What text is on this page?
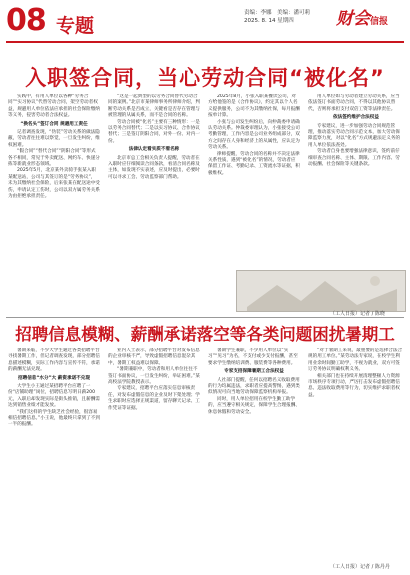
08 专题
责编：李娜　美编：潘可莉
2025. 8. 14 星期四	财会信报
入职签合同，当心劳动合同“被化名”

实践中，有用人单位以各种“劳务合同”“实习协议”代替劳动合同，架空劳动者权益，规避用人单位依法应承担的社会保险缴纳等义务，侵害劳动者合法权益。

“换名头”签订合同 规避用工责任

记者调查发现，“伪装”劳动关系的做法隐蔽，劳动者往往难以察觉，一旦发生纠纷，维权困难。

“假合同”“替代合同”“阴阳合同”等形式各不相同，常见于外卖配送、网约车、快递分拣等新就业形态领域。

2025年5月，北京某外卖骑手张某入职某配送站，公司与其签订的是“劳务协议”，未为其缴纳社会保险，后来张某在配送途中受伤，申请认定工伤时，公司以双方属劳务关系为由拒绝承担责任。

“这是一起典型的以劳务合同替代劳动合同的案例。”北京市某律师事务所律师介绍，判断劳动关系是否成立，关键看是否存在管理与被管理的从属关系，而不是合同的名称。

劳动合同被“化名”主要有三种情形：一是以劳务合同替代；二是以实习协议、合作协议替代；三是签订阴阳合同，对外一份、对内一份。

法律认定看实质不看名称

北京市总工会相关负责人提醒，劳动者在入职时应仔细阅读合同条款，看清合同名称及主体，如发现不实表述，应及时提出，必要时可以寻求工会、劳动监察部门帮助。

2025年8月，小张入职某餐饮公司，对方给他签的是《合作协议》，约定其以个人名义提供服务，公司不为其缴纳社保，每月报酬按单计算。

小张与公司发生纠纷后，向仲裁委申请确认劳动关系。仲裁委审理认为，小张接受公司考勤管理，工作内容是公司业务组成部分，双方之间存在人身和经济上的从属性，应认定为劳动关系。

律师提醒，劳动合同的名称并不决定法律关系性质，遇到“被化名”的情况，劳动者应保留工作证、考勤记录、工资流水等证据，积极维权。

用人单位如与劳动者建立劳动关系，应当依法签订书面劳动合同，不得以其他协议替代，否则将承担支付双倍工资等法律责任。

依法签约维护合法权益

专家建议，进一步加强劳动合同规范管理，推动落实劳动合同示范文本，加大劳动保障监察力度，对以“化名”方式规避法定义务的用人单位依法查处。

劳动者自身也要增强法律意识，签约前仔细审查合同名称、主体、期限、工作内容、劳动报酬、社会保险等关键条款。

（工人日报）记者 / 陈晓
招聘信息模糊、薪酬承诺落空等各类问题困扰暑期工

暑期来临，不少大学生通过各类招聘平台寻找暑期工作，但记者调查发现，部分招聘信息描述模糊，实际工作内容与宣传不符，承诺的薪酬无法兑现。

招聘信息“水分”大 薪资承诺不兑现

大学生小王通过某招聘平台应聘了一份“店铺助理”岗位，招聘信息写明日薪200元，入职后却发现实际是街头推销，且薪酬需达到销售业绩才能发放。

“我们这样的学生缺乏社会经验，很容易相信招聘信息。”小王说，他最终只拿到了不到一半的报酬。

业内人士表示，部分招聘平台对发布信息的企业审核不严，导致虚假招聘信息混杂其中，暑期工权益难以保障。

“暑期兼职中，劳动者和用人单位往往不签订书面协议，一旦发生纠纷，举证困难。”某高校法学院教授表示。

专家建议，招聘平台应落实信息审核责任，对发布虚假信息的企业及时下架处理；学生求职时应选择正规渠道，留存聊天记录、工作凭证等证据。

暑期学生兼职，不少用人单位以“实习”“见习”为名，不支付或少支付报酬，甚至要求学生缴纳培训费、服装费等各种费用。

专家支招保障暑期工合法权益

人社部门提醒，任何以招聘名义收取费用的行为均属违法，求职者应提高警惕，遇到类似情况可向当地劳动保障监察机构举报。

同时，用人单位招用在校学生勤工助学的，应当遵守相关规定，保障学生合理报酬、休息休假和劳动安全。

“对于暑期工来说，最重要的是选择合法合规的用工单位。”某劳动法专家说，在校学生利用业余时间勤工助学，不视为就业，双方可签订劳务协议明确权利义务。

相关部门也在持续开展清理整顿人力资源市场秩序专项行动，严厉打击发布虚假招聘信息、违法收取费用等行为，切实维护求职者权益。

（工人日报）记者 / 陈丹丹
